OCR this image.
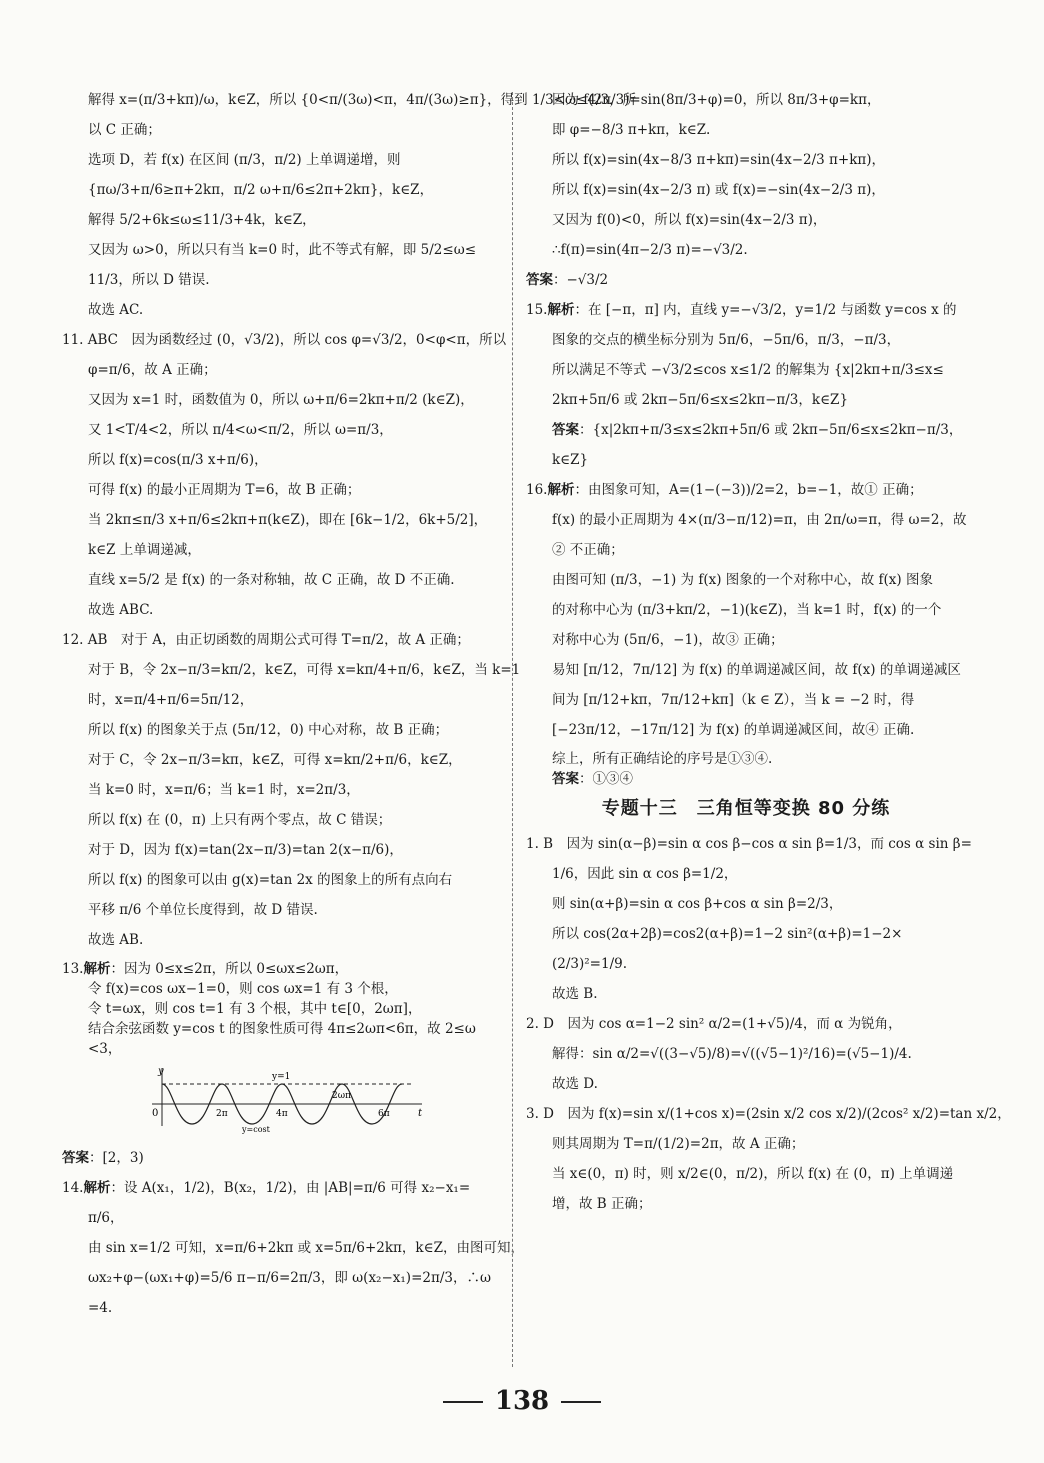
解得 x=(π/3+kπ)/ω，k∈Z，所以 {0<π/(3ω)<π，4π/(3ω)≥π}，得到 1/3<ω≤4/3，所
以 C 正确；
选项 D，若 f(x) 在区间 (π/3，π/2) 上单调递增，则
{πω/3+π/6≥π+2kπ，π/2 ω+π/6≤2π+2kπ}，k∈Z，
解得 5/2+6k≤ω≤11/3+4k，k∈Z，
又因为 ω>0，所以只有当 k=0 时，此不等式有解，即 5/2≤ω≤
11/3，所以 D 错误.
故选 AC.
11. ABC　因为函数经过 (0，√3/2)，所以 cos φ=√3/2，0<φ<π，所以
φ=π/6，故 A 正确；
又因为 x=1 时，函数值为 0，所以 ω+π/6=2kπ+π/2 (k∈Z)，
又 1<T/4<2，所以 π/4<ω<π/2，所以 ω=π/3，
所以 f(x)=cos(π/3 x+π/6)，
可得 f(x) 的最小正周期为 T=6，故 B 正确；
当 2kπ≤π/3 x+π/6≤2kπ+π(k∈Z)，即在 [6k−1/2，6k+5/2]，
k∈Z 上单调递减，
直线 x=5/2 是 f(x) 的一条对称轴，故 C 正确，故 D 不正确.
故选 ABC.
12. AB　对于 A，由正切函数的周期公式可得 T=π/2，故 A 正确；
对于 B，令 2x−π/3=kπ/2，k∈Z，可得 x=kπ/4+π/6，k∈Z，当 k=1
时，x=π/4+π/6=5π/12，
所以 f(x) 的图象关于点 (5π/12，0) 中心对称，故 B 正确；
对于 C，令 2x−π/3=kπ，k∈Z，可得 x=kπ/2+π/6，k∈Z，
当 k=0 时，x=π/6；当 k=1 时，x=2π/3，
所以 f(x) 在 (0，π) 上只有两个零点，故 C 错误；
对于 D，因为 f(x)=tan(2x−π/3)=tan 2(x−π/6)，
所以 f(x) 的图象可以由 g(x)=tan 2x 的图象上的所有点向右
平移 π/6 个单位长度得到，故 D 错误.
故选 AB.
13.解析：因为 0≤x≤2π，所以 0≤ωx≤2ωπ，
令 f(x)=cos ωx−1=0，则 cos ωx=1 有 3 个根，
令 t=ωx，则 cos t=1 有 3 个根，其中 t∈[0，2ωπ]，
结合余弦函数 y=cos t 的图象性质可得 4π≤2ωπ<6π，故 2≤ω
<3，
y
t
0
y=1
y=cost
2π	4π
2ωπ
6π
答案：[2，3)
14.解析：设 A(x₁，1/2)，B(x₂，1/2)，由 |AB|=π/6 可得 x₂−x₁=
π/6，
由 sin x=1/2 可知，x=π/6+2kπ 或 x=5π/6+2kπ，k∈Z，由图可知，
ωx₂+φ−(ωx₁+φ)=5/6 π−π/6=2π/3，即 ω(x₂−x₁)=2π/3，∴ω
=4.
因为 f(2π/3)=sin(8π/3+φ)=0，所以 8π/3+φ=kπ，
即 φ=−8/3 π+kπ，k∈Z.
所以 f(x)=sin(4x−8/3 π+kπ)=sin(4x−2/3 π+kπ)，
所以 f(x)=sin(4x−2/3 π) 或 f(x)=−sin(4x−2/3 π)，
又因为 f(0)<0，所以 f(x)=sin(4x−2/3 π)，
∴f(π)=sin(4π−2/3 π)=−√3/2.
答案：−√3/2
15.解析：在 [−π，π] 内，直线 y=−√3/2，y=1/2 与函数 y=cos x 的
图象的交点的横坐标分别为 5π/6，−5π/6，π/3，−π/3，
所以满足不等式 −√3/2≤cos x≤1/2 的解集为 {x|2kπ+π/3≤x≤
2kπ+5π/6 或 2kπ−5π/6≤x≤2kπ−π/3，k∈Z}
答案：{x|2kπ+π/3≤x≤2kπ+5π/6 或 2kπ−5π/6≤x≤2kπ−π/3，
k∈Z}
16.解析：由图象可知，A=(1−(−3))/2=2，b=−1，故① 正确；
f(x) 的最小正周期为 4×(π/3−π/12)=π，由 2π/ω=π，得 ω=2，故
② 不正确；
由图可知 (π/3，−1) 为 f(x) 图象的一个对称中心，故 f(x) 图象
的对称中心为 (π/3+kπ/2，−1)(k∈Z)，当 k=1 时，f(x) 的一个
对称中心为 (5π/6，−1)，故③ 正确；
易知 [π/12，7π/12] 为 f(x) 的单调递减区间，故 f(x) 的单调递减区
间为 [π/12+kπ，7π/12+kπ]（k ∈ Z），当 k = −2 时，得
[−23π/12，−17π/12] 为 f(x) 的单调递减区间，故④ 正确.
综上，所有正确结论的序号是①③④.
答案：①③④
专题十三　三角恒等变换 80 分练
1. B　因为 sin(α−β)=sin α cos β−cos α sin β=1/3，而 cos α sin β=
1/6，因此 sin α cos β=1/2，
则 sin(α+β)=sin α cos β+cos α sin β=2/3，
所以 cos(2α+2β)=cos2(α+β)=1−2 sin²(α+β)=1−2×
(2/3)²=1/9.
故选 B.
2. D　因为 cos α=1−2 sin² α/2=(1+√5)/4，而 α 为锐角，
解得：sin α/2=√((3−√5)/8)=√((√5−1)²/16)=(√5−1)/4.
故选 D.
3. D　因为 f(x)=sin x/(1+cos x)=(2sin x/2 cos x/2)/(2cos² x/2)=tan x/2，
则其周期为 T=π/(1/2)=2π，故 A 正确；
当 x∈(0，π) 时，则 x/2∈(0，π/2)，所以 f(x) 在 (0，π) 上单调递
增，故 B 正确；
138
